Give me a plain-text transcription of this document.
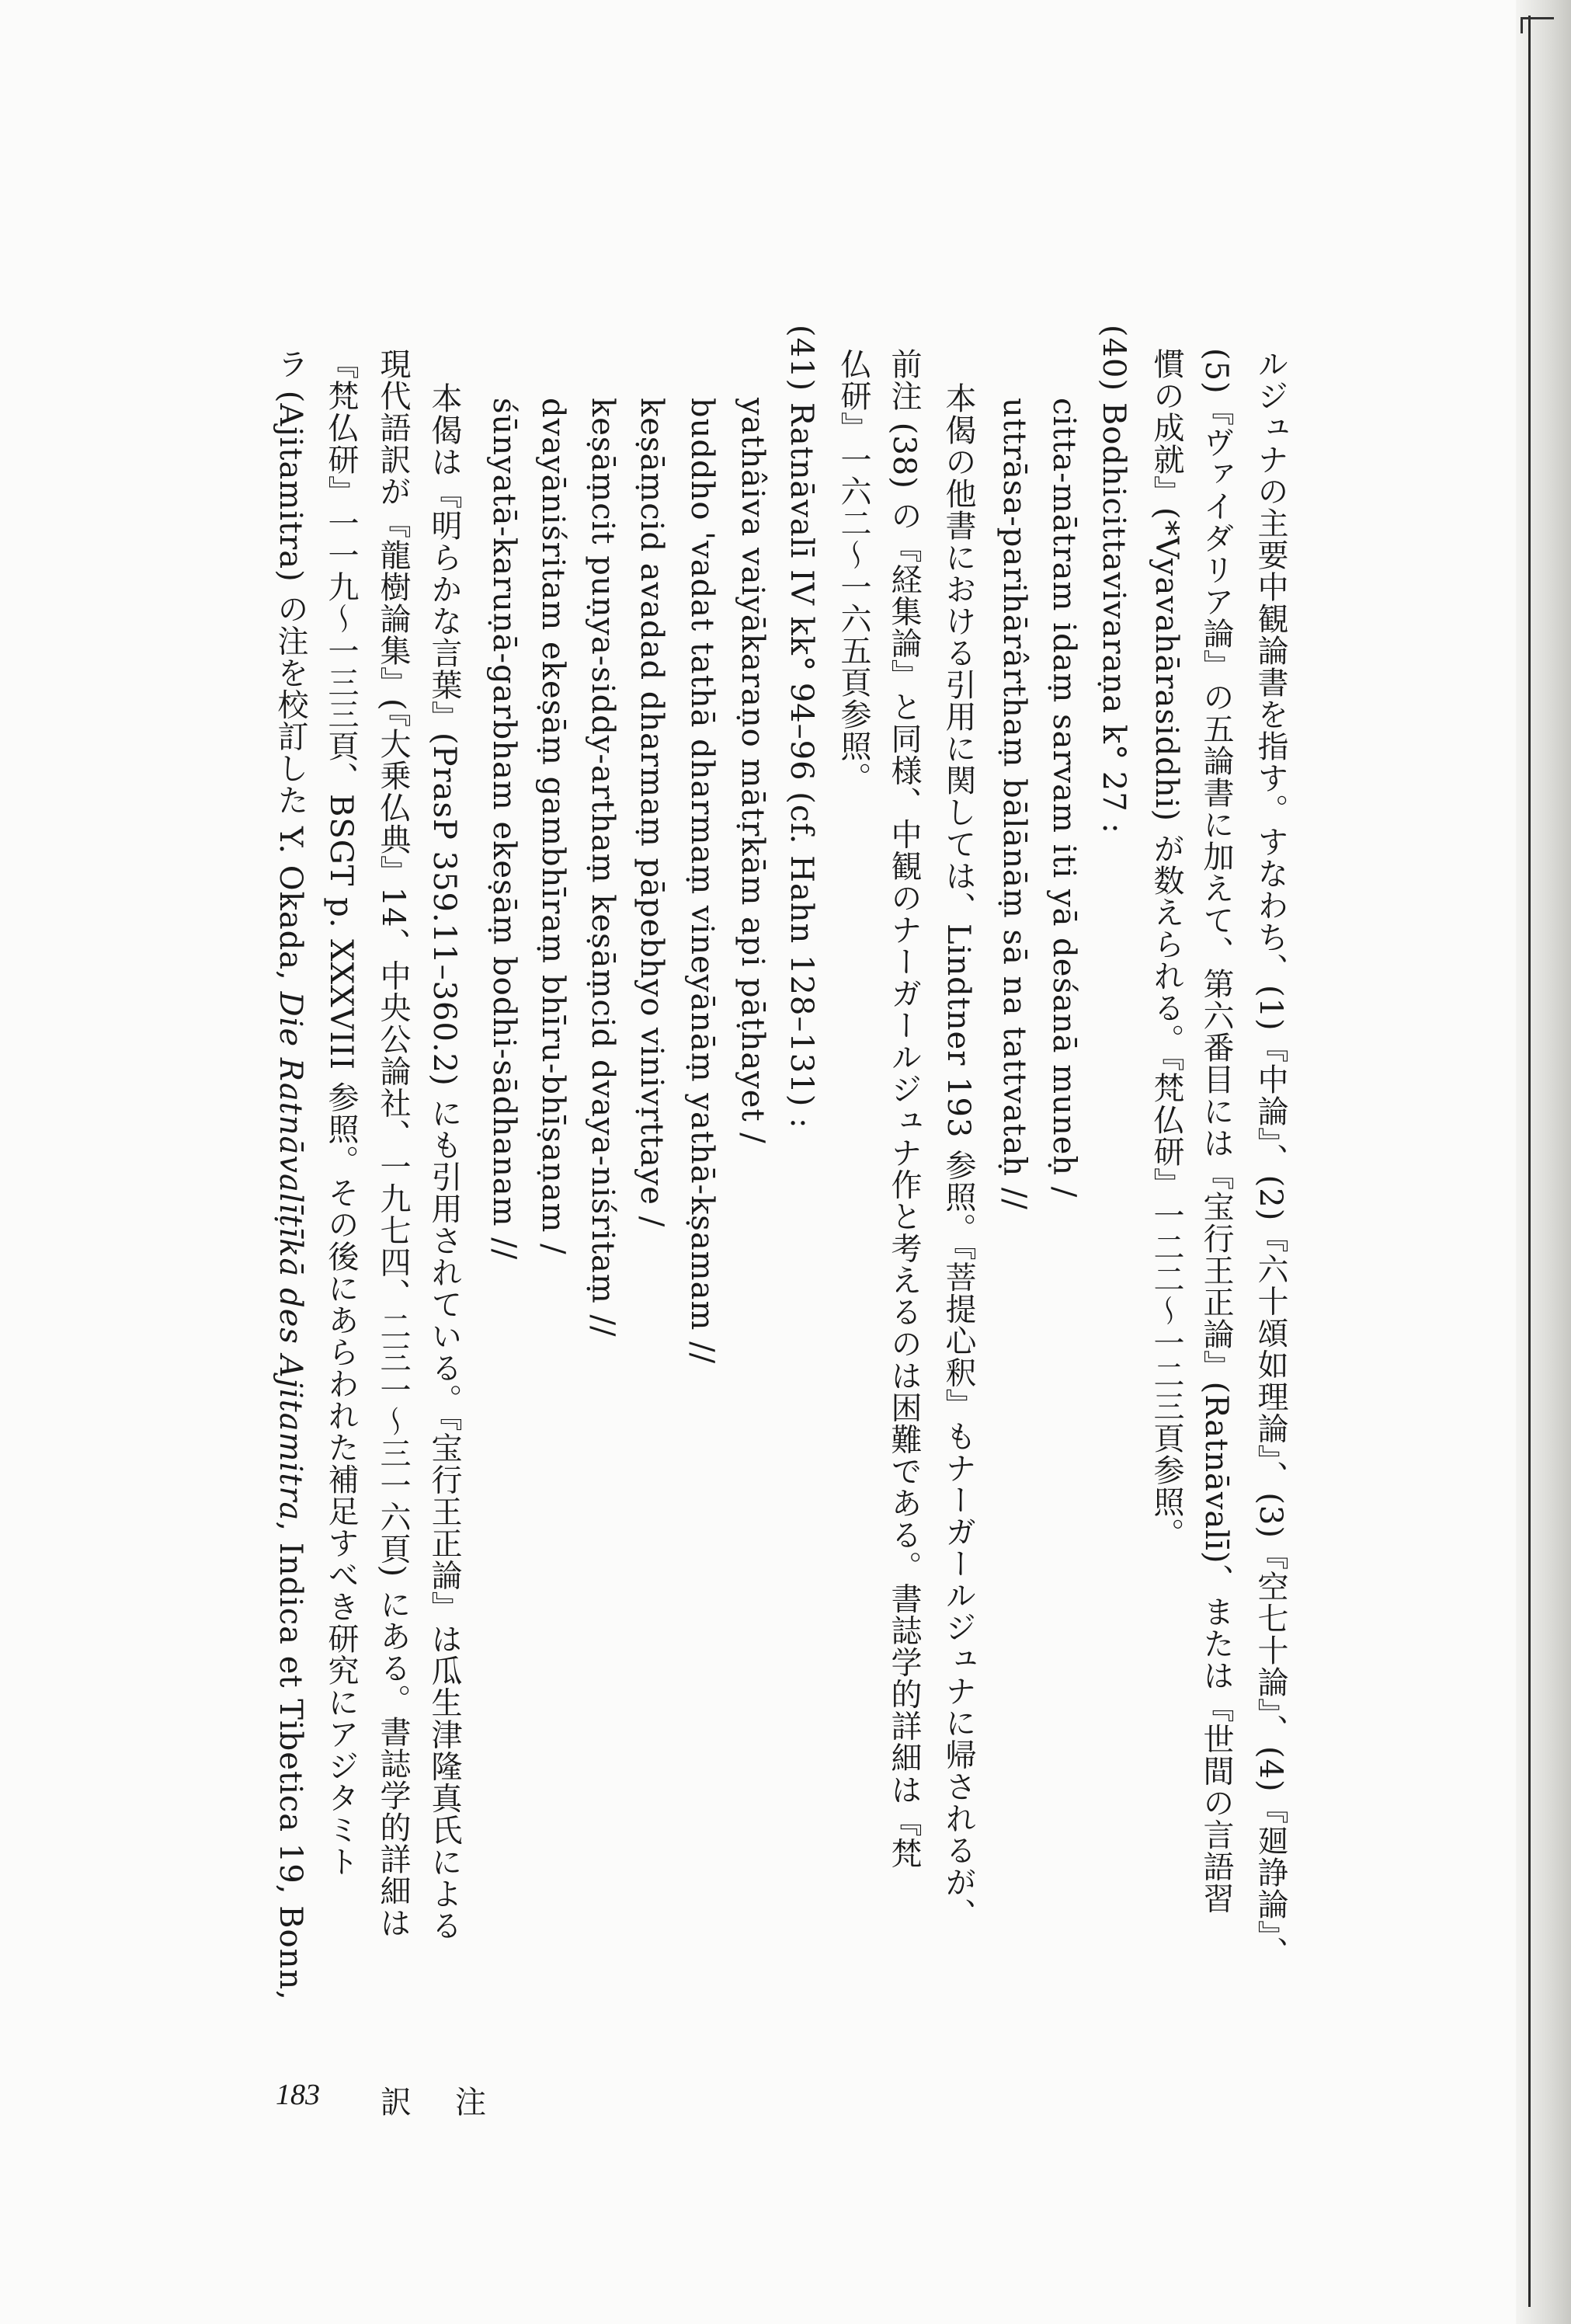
ルジュナの主要中観論書を指す。すなわち、(1)『中論』、(2)『六十頌如理論』、(3)『空七十論』、(4)『廻諍論』、
(5)『ヴァイダリア論』の五論書に加えて、第六番目には『宝行王正論』(Ratnāvalī)、または『世間の言語習
慣の成就』(*Vyavahārasiddhi) が数えられる。『梵仏研』一二二～一二三頁参照。
(40) Bodhicittavivaraṇa k° 27 :
citta-mātram idaṃ sarvam iti yā deśanā muneḥ /
uttrāsa-parihārârthaṃ bālānāṃ sā na tattvataḥ //
本偈の他書における引用に関しては、Lindtner 193 参照。『菩提心釈』もナーガールジュナに帰されるが、
前注 (38) の『経集論』と同様、中観のナーガールジュナ作と考えるのは困難である。書誌学的詳細は『梵
仏研』一六二～一六五頁参照。
(41) Ratnāvalī IV kk° 94–96 (cf. Hahn 128–131) :
yathâiva vaiyākaraṇo mātṛkām api pāṭhayet /
buddho 'vadat tathā dharmaṃ vineyānāṃ yathā-kṣamam //
keṣāṃcid avadad dharmaṃ pāpebhyo vinivṛttaye /
keṣāṃcit puṇya-siddy-arthaṃ keṣāṃcid dvaya-niśritaṃ //
dvayāniśritam ekeṣāṃ gambhīraṃ bhīru-bhīṣaṇam /
śūnyatā-karuṇā-garbham ekeṣāṃ bodhi-sādhanam //
本偈は『明らかな言葉』(PrasP 359.11–360.2) にも引用されている。『宝行王正論』は瓜生津隆真氏による
現代語訳が『龍樹論集』(『大乗仏典』14、中央公論社、一九七四、二三一～三一六頁) にある。書誌学的詳細は
『梵仏研』一一九～一三三頁、BSGT p. XXXVIII 参照。その後にあらわれた補足すべき研究にアジタミト
ラ (Ajitamitra) の注を校訂した Y. Okada, Die Ratnāvalīṭīkā des Ajitamitra, Indica et Tibetica 19, Bonn,
183 訳　注
